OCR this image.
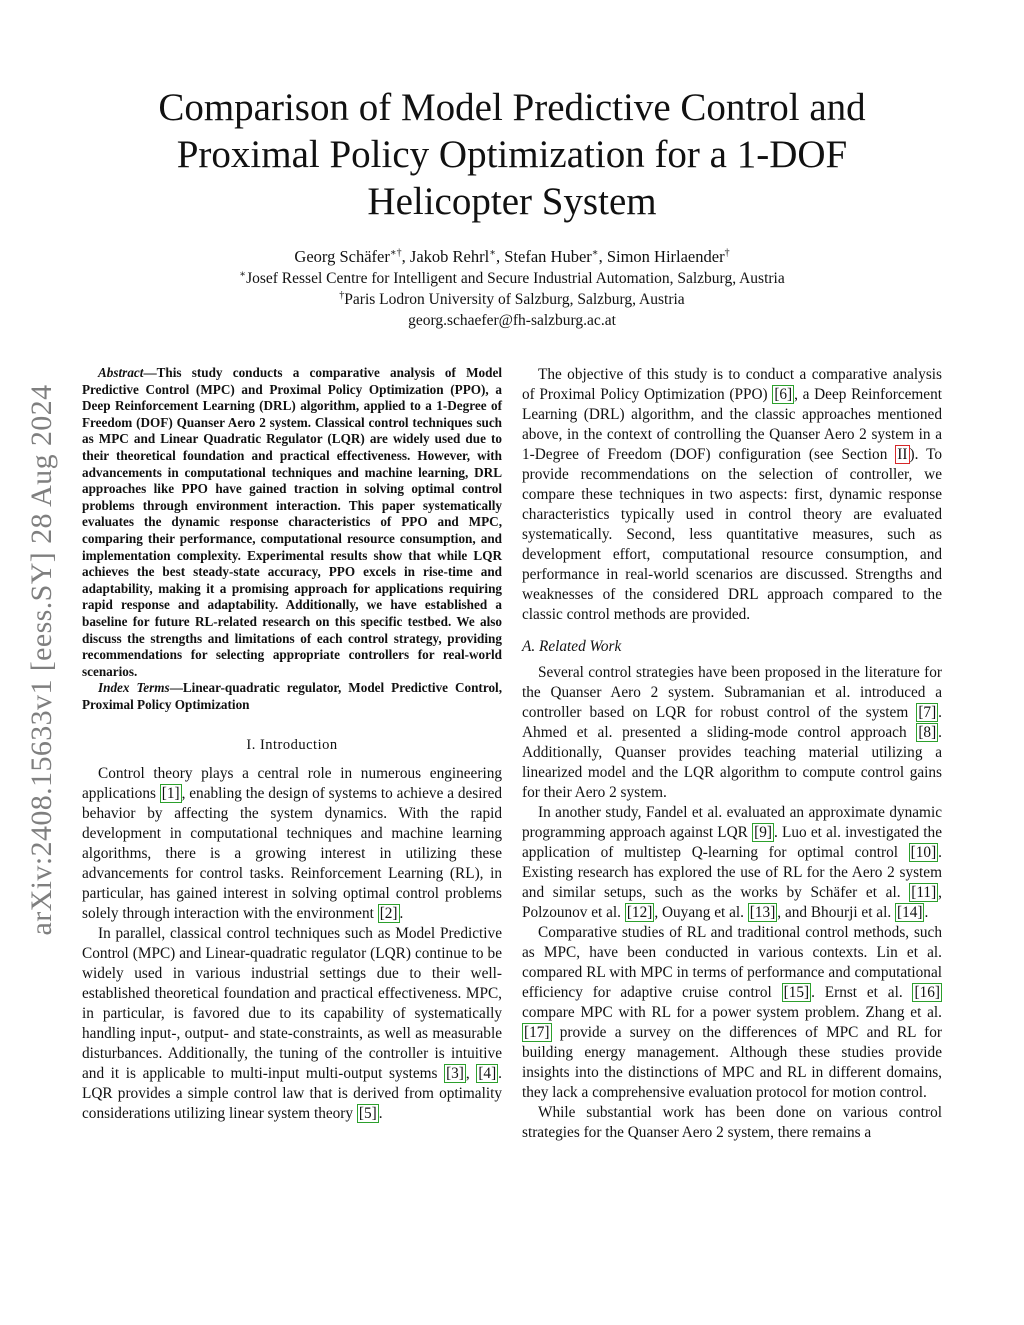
arXiv:2408.15633v1 [eess.SY] 28 Aug 2024
Comparison of Model Predictive Control and
Proximal Policy Optimization for a 1-DOF
Helicopter System
Georg Schäfer∗†, Jakob Rehrl∗, Stefan Huber∗, Simon Hirlaender†
∗Josef Ressel Centre for Intelligent and Secure Industrial Automation, Salzburg, Austria
†Paris Lodron University of Salzburg, Salzburg, Austria
georg.schaefer@fh-salzburg.ac.at

Abstract—This study conducts a comparative analysis of Model Predictive Control (MPC) and Proximal Policy Optimization (PPO), a Deep Reinforcement Learning (DRL) algorithm, applied to a 1-Degree of Freedom (DOF) Quanser Aero 2 system. Classical control techniques such as MPC and Linear Quadratic Regulator (LQR) are widely used due to their theoretical foundation and practical effectiveness. However, with advancements in computational techniques and machine learning, DRL approaches like PPO have gained traction in solving optimal control problems through environment interaction. This paper systematically evaluates the dynamic response characteristics of PPO and MPC, comparing their performance, computational resource consumption, and implementation complexity. Experimental results show that while LQR achieves the best steady-state accuracy, PPO excels in rise-time and adaptability, making it a promising approach for applications requiring rapid response and adaptability. Additionally, we have established a baseline for future RL-related research on this specific testbed. We also discuss the strengths and limitations of each control strategy, providing recommendations for selecting appropriate controllers for real-world scenarios.

Index Terms—Linear-quadratic regulator, Model Predictive Control, Proximal Policy Optimization

I. Introduction

Control theory plays a central role in numerous engineering applications [1] , enabling the design of systems to achieve a desired behavior by affecting the system dynamics. With the rapid development in computational techniques and machine learning algorithms, there is a growing interest in utilizing these advancements for control tasks. Reinforcement Learning (RL), in particular, has gained interest in solving optimal control problems solely through interaction with the environment [2] .

In parallel, classical control techniques such as Model Predictive Control (MPC) and Linear-quadratic regulator (LQR) continue to be widely used in various industrial settings due to their well-established theoretical foundation and practical effectiveness. MPC, in particular, is favored due to its capability of systematically handling input-, output- and state-constraints, as well as measurable disturbances. Additionally, the tuning of the controller is intuitive and it is applicable to multi-input multi-output systems [3] , [4] . LQR provides a simple control law that is derived from optimality considerations utilizing linear system theory [5] .

The objective of this study is to conduct a comparative analysis of Proximal Policy Optimization (PPO) [6] , a Deep Reinforcement Learning (DRL) algorithm, and the classic approaches mentioned above, in the context of controlling the Quanser Aero 2 system in a 1-Degree of Freedom (DOF) configuration (see Section II ). To provide recommendations on the selection of controller, we compare these techniques in two aspects: first, dynamic response characteristics typically used in control theory are evaluated systematically. Second, less quantitative measures, such as development effort, computational resource consumption, and performance in real-world scenarios are discussed. Strengths and weaknesses of the considered DRL approach compared to the classic control methods are provided.

A. Related Work

Several control strategies have been proposed in the literature for the Quanser Aero 2 system. Subramanian et al. introduced a controller based on LQR for robust control of the system [7] . Ahmed et al. presented a sliding-mode control approach [8] . Additionally, Quanser provides teaching material utilizing a linearized model and the LQR algorithm to compute control gains for their Aero 2 system.

In another study, Fandel et al. evaluated an approximate dynamic programming approach against LQR [9] . Luo et al. investigated the application of multistep Q-learning for optimal control [10] . Existing research has explored the use of RL for the Aero 2 system and similar setups, such as the works by Schäfer et al. [11] , Polzounov et al. [12] , Ouyang et al. [13] , and Bhourji et al. [14] .

Comparative studies of RL and traditional control methods, such as MPC, have been conducted in various contexts. Lin et al. compared RL with MPC in terms of performance and computational efficiency for adaptive cruise control [15] . Ernst et al. [16] compare MPC with RL for a power system problem. Zhang et al. [17] provide a survey on the differences of MPC and RL for building energy management. Although these studies provide insights into the distinctions of MPC and RL in different domains, they lack a comprehensive evaluation protocol for motion control.

While substantial work has been done on various control strategies for the Quanser Aero 2 system, there remains a
